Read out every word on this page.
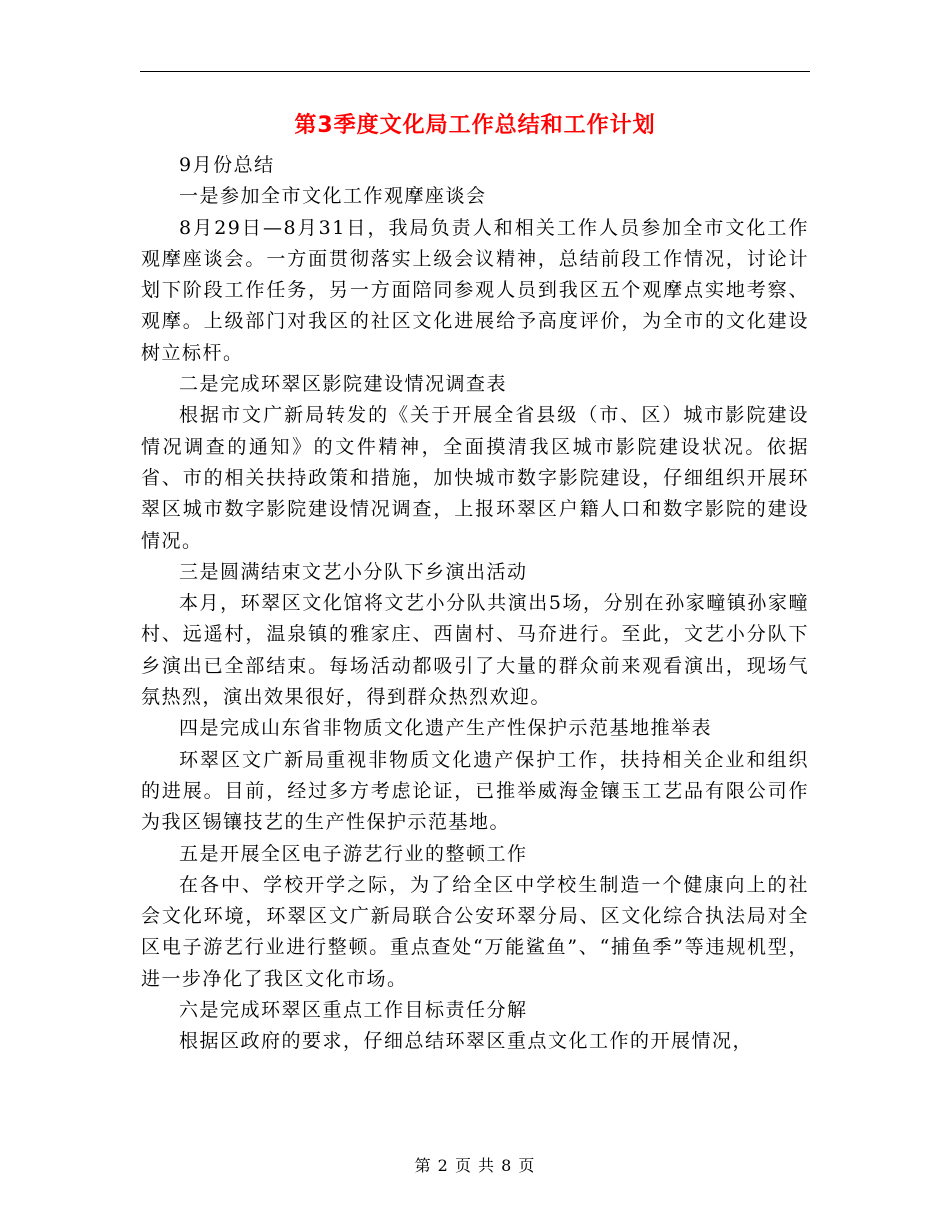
第3季度文化局工作总结和工作计划

9月份总结

一是参加全市文化工作观摩座谈会

8月29日—8月31日，我局负责人和相关工作人员参加全市文化工作观摩座谈会。一方面贯彻落实上级会议精神，总结前段工作情况，讨论计划下阶段工作任务，另一方面陪同参观人员到我区五个观摩点实地考察、观摩。上级部门对我区的社区文化进展给予高度评价，为全市的文化建设树立标杆。

二是完成环翠区影院建设情况调查表

根据市文广新局转发的《关于开展全省县级（市、区）城市影院建设情况调查的通知》的文件精神，全面摸清我区城市影院建设状况。依据省、市的相关扶持政策和措施，加快城市数字影院建设，仔细组织开展环翠区城市数字影院建设情况调查，上报环翠区户籍人口和数字影院的建设情况。

三是圆满结束文艺小分队下乡演出活动

本月，环翠区文化馆将文艺小分队共演出5场，分别在孙家疃镇孙家疃村、远遥村，温泉镇的雅家庄、西崮村、马夼进行。至此，文艺小分队下乡演出已全部结束。每场活动都吸引了大量的群众前来观看演出，现场气氛热烈，演出效果很好，得到群众热烈欢迎。

四是完成山东省非物质文化遗产生产性保护示范基地推举表

环翠区文广新局重视非物质文化遗产保护工作，扶持相关企业和组织的进展。目前，经过多方考虑论证，已推举威海金镶玉工艺品有限公司作为我区锡镶技艺的生产性保护示范基地。

五是开展全区电子游艺行业的整顿工作

在各中、学校开学之际，为了给全区中学校生制造一个健康向上的社会文化环境，环翠区文广新局联合公安环翠分局、区文化综合执法局对全区电子游艺行业进行整顿。重点查处“万能鲨鱼”、“捕鱼季”等违规机型，进一步净化了我区文化市场。

六是完成环翠区重点工作目标责任分解

根据区政府的要求，仔细总结环翠区重点文化工作的开展情况，

第 2 页 共 8 页
